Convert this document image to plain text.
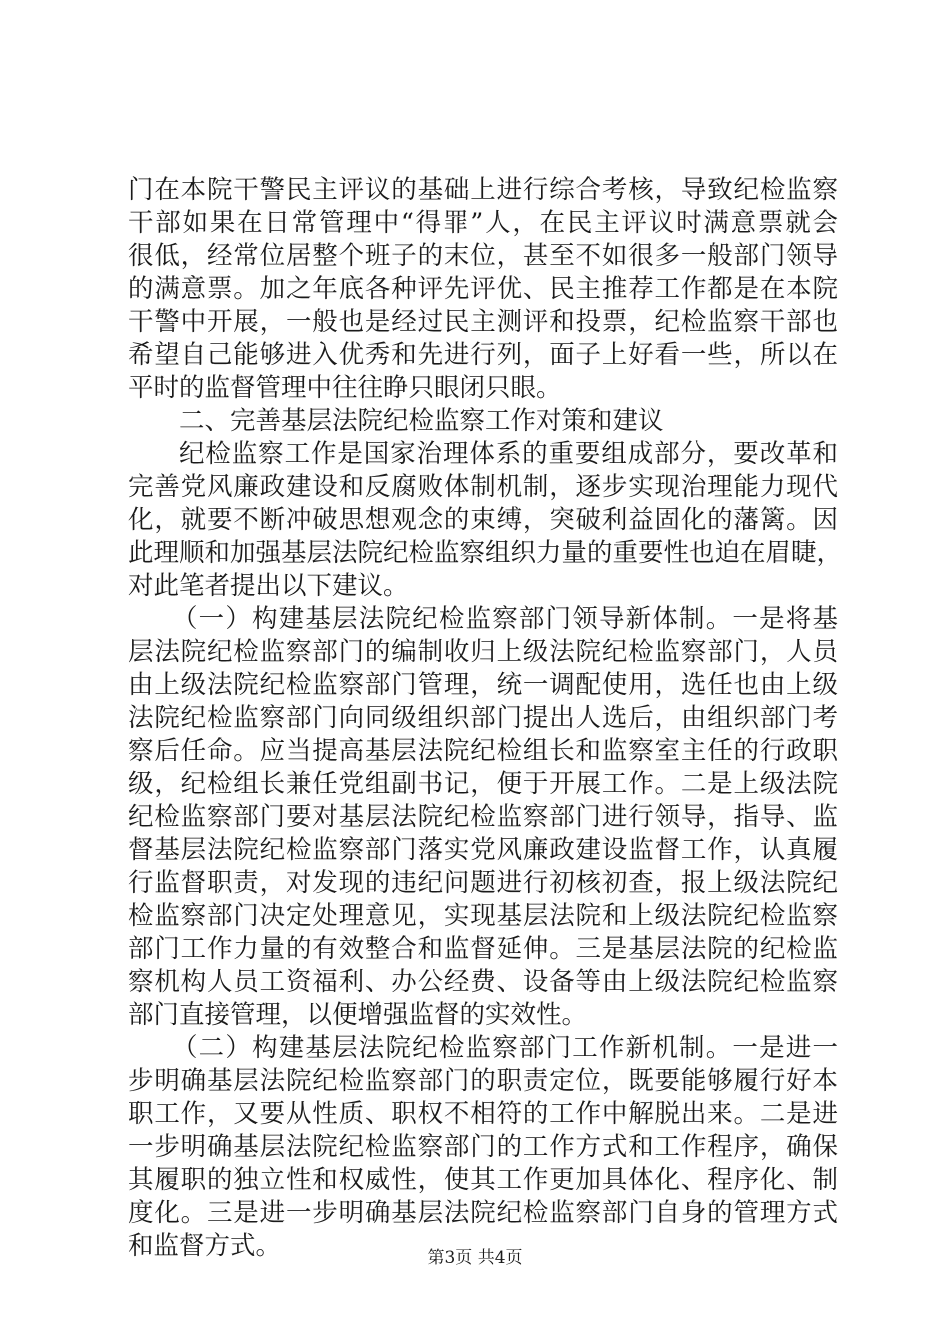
门在本院干警民主评议的基础上进行综合考核，导致纪检监察
干部如果在日常管理中“得罪”人，在民主评议时满意票就会
很低，经常位居整个班子的末位，甚至不如很多一般部门领导
的满意票。加之年底各种评先评优、民主推荐工作都是在本院
干警中开展，一般也是经过民主测评和投票，纪检监察干部也
希望自己能够进入优秀和先进行列，面子上好看一些，所以在
平时的监督管理中往往睁只眼闭只眼。
二、完善基层法院纪检监察工作对策和建议
纪检监察工作是国家治理体系的重要组成部分，要改革和
完善党风廉政建设和反腐败体制机制，逐步实现治理能力现代
化，就要不断冲破思想观念的束缚，突破利益固化的藩篱。因
此理顺和加强基层法院纪检监察组织力量的重要性也迫在眉睫，
对此笔者提出以下建议。
（一）构建基层法院纪检监察部门领导新体制。一是将基
层法院纪检监察部门的编制收归上级法院纪检监察部门，人员
由上级法院纪检监察部门管理，统一调配使用，选任也由上级
法院纪检监察部门向同级组织部门提出人选后，由组织部门考
察后任命。应当提高基层法院纪检组长和监察室主任的行政职
级，纪检组长兼任党组副书记，便于开展工作。二是上级法院
纪检监察部门要对基层法院纪检监察部门进行领导，指导、监
督基层法院纪检监察部门落实党风廉政建设监督工作，认真履
行监督职责，对发现的违纪问题进行初核初查，报上级法院纪
检监察部门决定处理意见，实现基层法院和上级法院纪检监察
部门工作力量的有效整合和监督延伸。三是基层法院的纪检监
察机构人员工资福利、办公经费、设备等由上级法院纪检监察
部门直接管理，以便增强监督的实效性。
（二）构建基层法院纪检监察部门工作新机制。一是进一
步明确基层法院纪检监察部门的职责定位，既要能够履行好本
职工作，又要从性质、职权不相符的工作中解脱出来。二是进
一步明确基层法院纪检监察部门的工作方式和工作程序，确保
其履职的独立性和权威性，使其工作更加具体化、程序化、制
度化。三是进一步明确基层法院纪检监察部门自身的管理方式
和监督方式。	第3页 共4页
